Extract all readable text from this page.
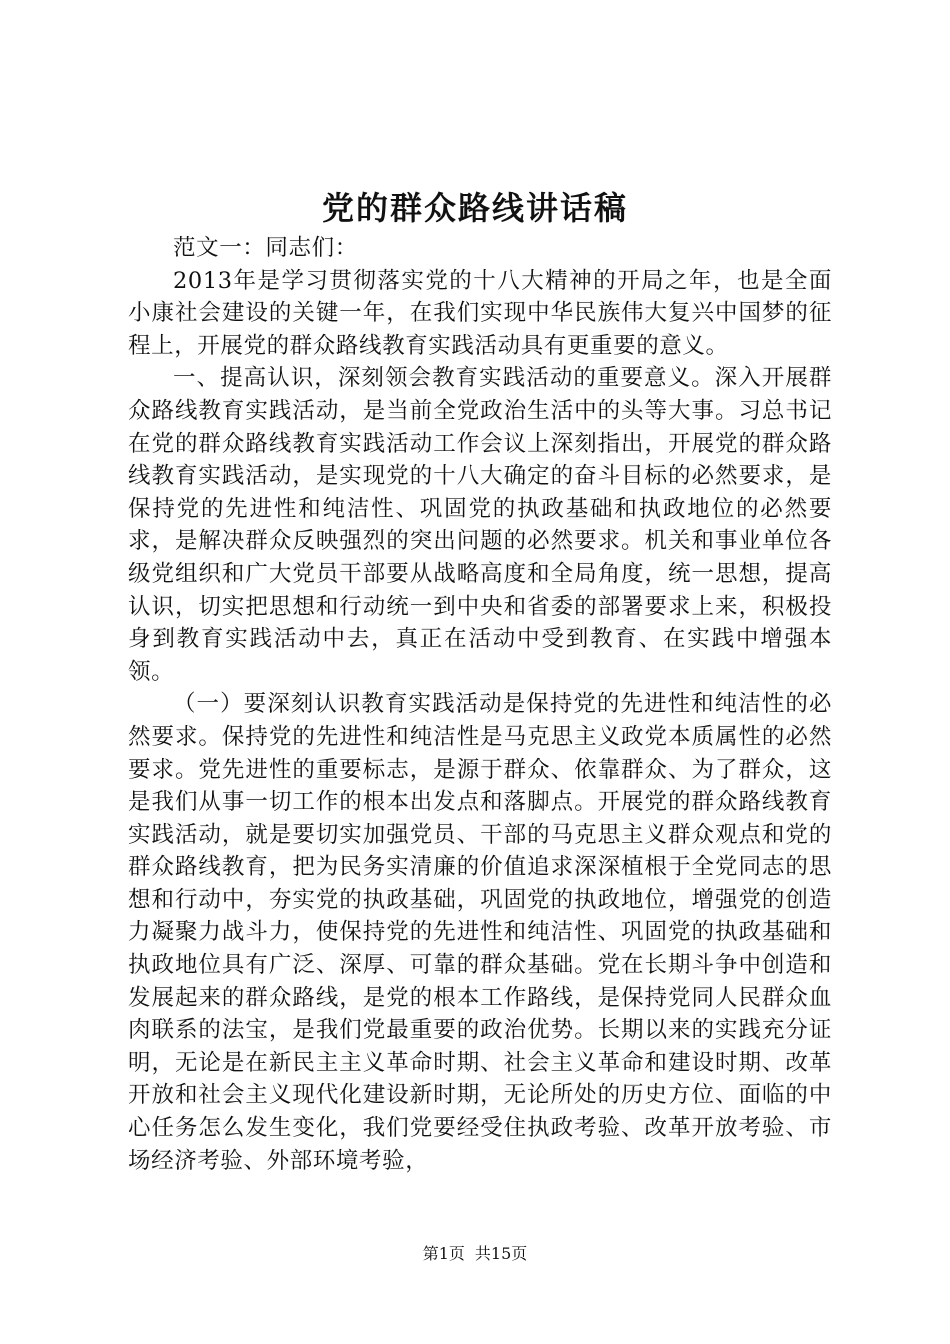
党的群众路线讲话稿

范文一：同志们：

2013年是学习贯彻落实党的十八大精神的开局之年，也是全面小康社会建设的关键一年，在我们实现中华民族伟大复兴中国梦的征程上，开展党的群众路线教育实践活动具有更重要的意义。

一、提高认识，深刻领会教育实践活动的重要意义。深入开展群众路线教育实践活动，是当前全党政治生活中的头等大事。习总书记在党的群众路线教育实践活动工作会议上深刻指出，开展党的群众路线教育实践活动，是实现党的十八大确定的奋斗目标的必然要求，是保持党的先进性和纯洁性、巩固党的执政基础和执政地位的必然要求，是解决群众反映强烈的突出问题的必然要求。机关和事业单位各级党组织和广大党员干部要从战略高度和全局角度，统一思想，提高认识，切实把思想和行动统一到中央和省委的部署要求上来，积极投身到教育实践活动中去，真正在活动中受到教育、在实践中增强本领。

（一）要深刻认识教育实践活动是保持党的先进性和纯洁性的必然要求。保持党的先进性和纯洁性是马克思主义政党本质属性的必然要求。党先进性的重要标志，是源于群众、依靠群众、为了群众，这是我们从事一切工作的根本出发点和落脚点。开展党的群众路线教育实践活动，就是要切实加强党员、干部的马克思主义群众观点和党的群众路线教育，把为民务实清廉的价值追求深深植根于全党同志的思想和行动中，夯实党的执政基础，巩固党的执政地位，增强党的创造力凝聚力战斗力，使保持党的先进性和纯洁性、巩固党的执政基础和执政地位具有广泛、深厚、可靠的群众基础。党在长期斗争中创造和发展起来的群众路线，是党的根本工作路线，是保持党同人民群众血肉联系的法宝，是我们党最重要的政治优势。长期以来的实践充分证明，无论是在新民主主义革命时期、社会主义革命和建设时期、改革开放和社会主义现代化建设新时期，无论所处的历史方位、面临的中心任务怎么发生变化，我们党要经受住执政考验、改革开放考验、市场经济考验、外部环境考验，

第1页 共15页
